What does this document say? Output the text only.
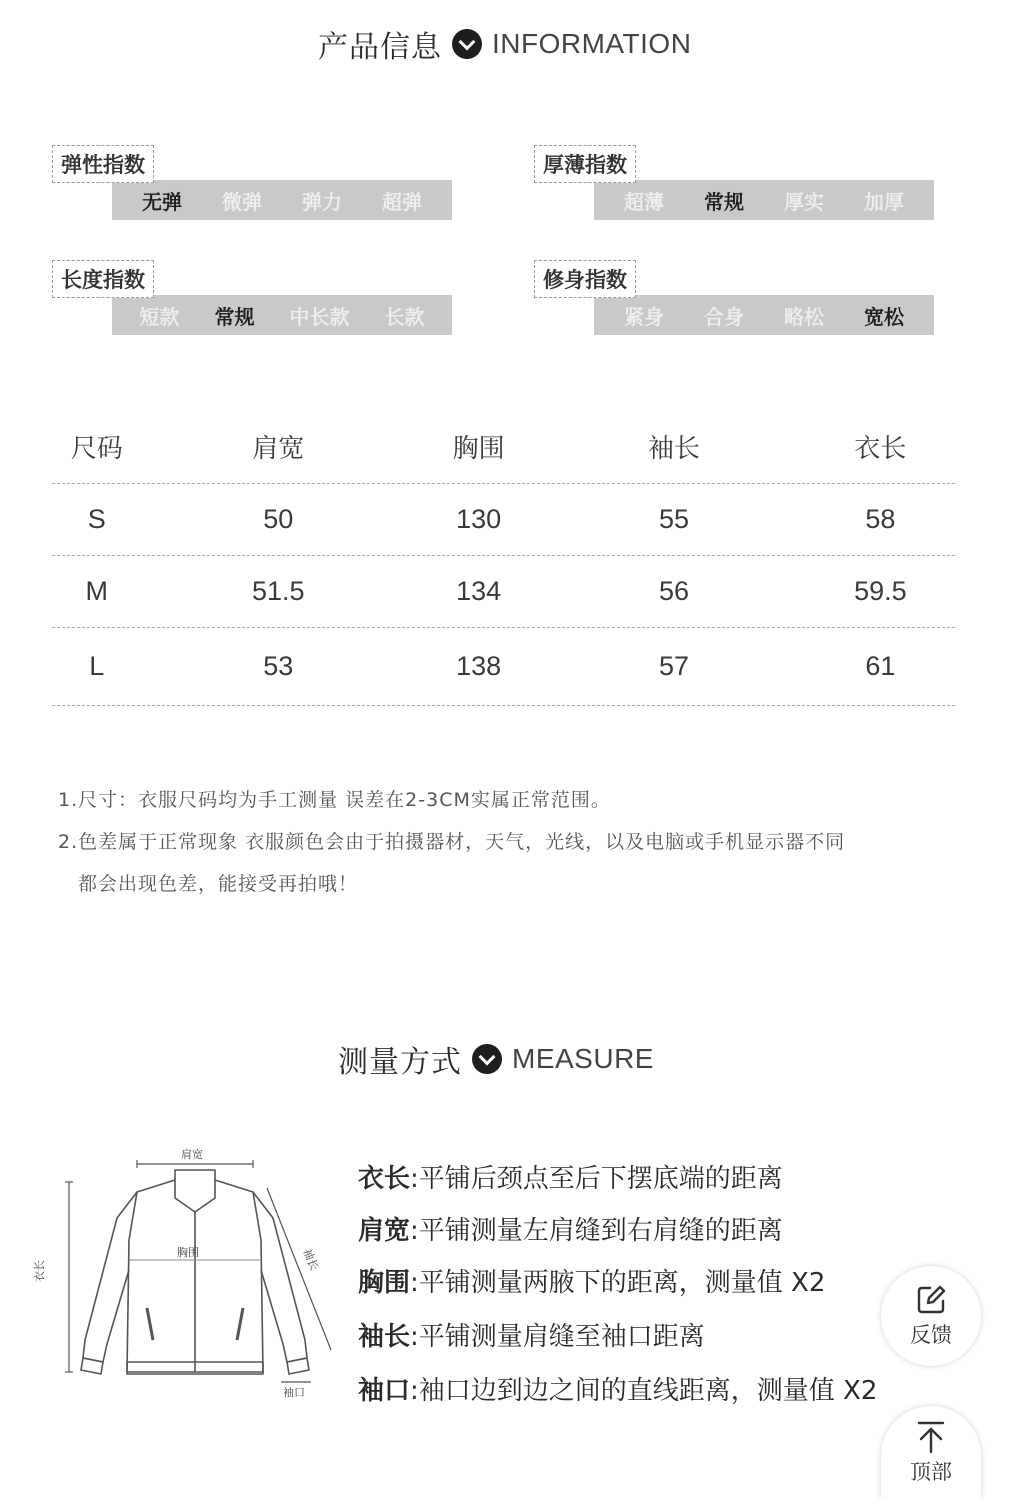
产品信息 INFORMATION
无弹 微弹 弹力 超弹
弹性指数
超薄 常规 厚实 加厚
厚薄指数
短款 常规 中长款 长款
长度指数
紧身 合身 略松 宽松
修身指数
尺码	肩宽	胸围	袖长	衣长
S	50	130	55	58
M	51.5	134	56	59.5
L	53	138	57	61
1.尺寸：衣服尺码均为手工测量 误差在2-3CM实属正常范围。
2.色差属于正常现象 衣服颜色会由于拍摄器材，天气，光线，以及电脑或手机显示器不同
都会出现色差，能接受再拍哦！
测量方式 MEASURE
肩宽
胸围
衣长	袖长
袖口
衣长:平铺后颈点至后下摆底端的距离
肩宽:平铺测量左肩缝到右肩缝的距离
胸围:平铺测量两腋下的距离，测量值 X2
袖长:平铺测量肩缝至袖口距离
袖口:袖口边到边之间的直线距离，测量值 X2
反馈
顶部
